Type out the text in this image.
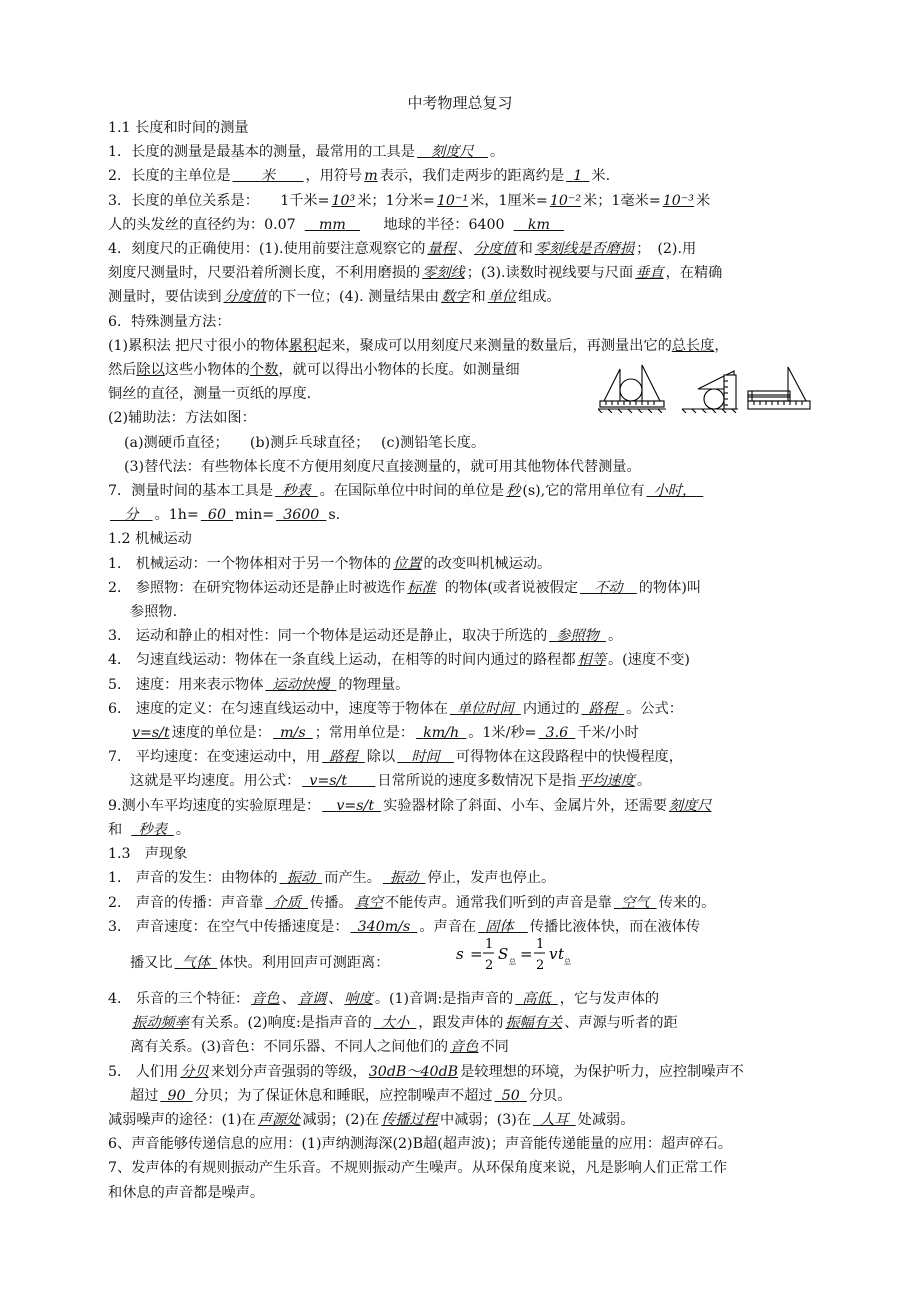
中考物理总复习
1.1 长度和时间的测量
1．长度的测量是最基本的测量，最常用的工具是  刻度尺  。
2．长度的主单位是   米   ，用符号 m 表示，我们走两步的距离约是  1  米.
3．长度的单位关系是：   1千米= 10³ 米；1分米= 10⁻¹ 米，1厘米= 10⁻² 米；1毫米= 10⁻³ 米
人的头发丝的直径约为：0.07   mm   	地球的半径：6400   km 
4．刻度尺的正确使用：(1).使用前要注意观察它的 量程 、 分度值 和 零刻线是否磨损 ；　(2).用
刻度尺测量时，尺要沿着所测长度，不利用磨损的 零刻线 ；(3).读数时视线要与尺面 垂直 ，在精确
测量时，要估读到 分度值 的下一位；(4). 测量结果由 数字 和 单位 组成。
6．特殊测量方法：
(1)累积法 把尺寸很小的物体累积起来，聚成可以用刻度尺来测量的数量后，再测量出它的总长度，
然后除以这些小物体的个数，就可以得出小物体的长度。如测量细
铜丝的直径，测量一页纸的厚度.
(2)辅助法：方法如图：
(a)测硬币直径；　　(b)测乒乓球直径；　 (c)测铅笔长度。
(3)替代法：有些物体长度不方便用刻度尺直接测量的，就可用其他物体代替测量。
7．测量时间的基本工具是  秒表  。在国际单位中时间的单位是 秒 (s),它的常用单位有  小时， 
 分  。1h=  60  min=  3600  s.
1.2 机械运动
1． 机械运动：一个物体相对于另一个物体的 位置 的改变叫机械运动。
2． 参照物：在研究物体运动还是静止时被选作 标准  的物体(或者说被假定  不动  的物体)叫
参照物.
3． 运动和静止的相对性：同一个物体是运动还是静止，取决于所选的  参照物  。
4． 匀速直线运动：物体在一条直线上运动，在相等的时间内通过的路程都 相等 。(速度不变)
5． 速度：用来表示物体  运动快慢  的物理量。
6． 速度的定义：在匀速直线运动中，速度等于物体在  单位时间  内通过的  路程  。公式：
v=s/t 速度的单位是：  m/s  ；常用单位是：  km/h  。1米/秒=  3.6  千米/小时
7． 平均速度：在变速运动中，用  路程  除以  时间  可得物体在这段路程中的快慢程度，
这就是平均速度。用公式：  v=s/t   日常所说的速度多数情况下是指 平均速度 。
9.测小车平均速度的实验原理是：  v=s/t  实验器材除了斜面、小车、金属片外，还需要 刻度尺
和   秒表  。
1.3　声现象
1． 声音的发生：由物体的  振动  而产生。  振动  停止，发声也停止。
2． 声音的传播：声音靠  介质  传播。 真空 不能传声。通常我们听到的声音是靠  空气  传来的。
3． 声音速度：在空气中传播速度是：  340m/s  。声音在  固体  传播比液体快，而在液体传
播又比  气体  体快。利用回声可测距离：
4． 乐音的三个特征： 音色 、 音调 、 响度 。(1)音调:是指声音的  高低  ，它与发声体的
振动频率 有关系。(2)响度:是指声音的  大小  ，跟发声体的 振幅有关 、声源与听者的距
离有关系。(3)音色：不同乐器、不同人之间他们的 音色 不同
5． 人们用 分贝 来划分声音强弱的等级， 30dB～40dB 是较理想的环境，为保护听力，应控制噪声不
超过  90  分贝；为了保证休息和睡眠，应控制噪声不超过  50  分贝。
减弱噪声的途径：(1)在 声源处 减弱；(2)在 传播过程 中减弱；(3)在  人耳  处减弱。
6、声音能够传递信息的应用：(1)声纳测海深(2)B超(超声波)；声音能传递能量的应用：超声碎石。
7、发声体的有规则振动产生乐音。不规则振动产生噪声。从环保角度来说，凡是影响人们正常工作
和休息的声音都是噪声。
s =
1
2
S 总 =
1
2
v t 总
